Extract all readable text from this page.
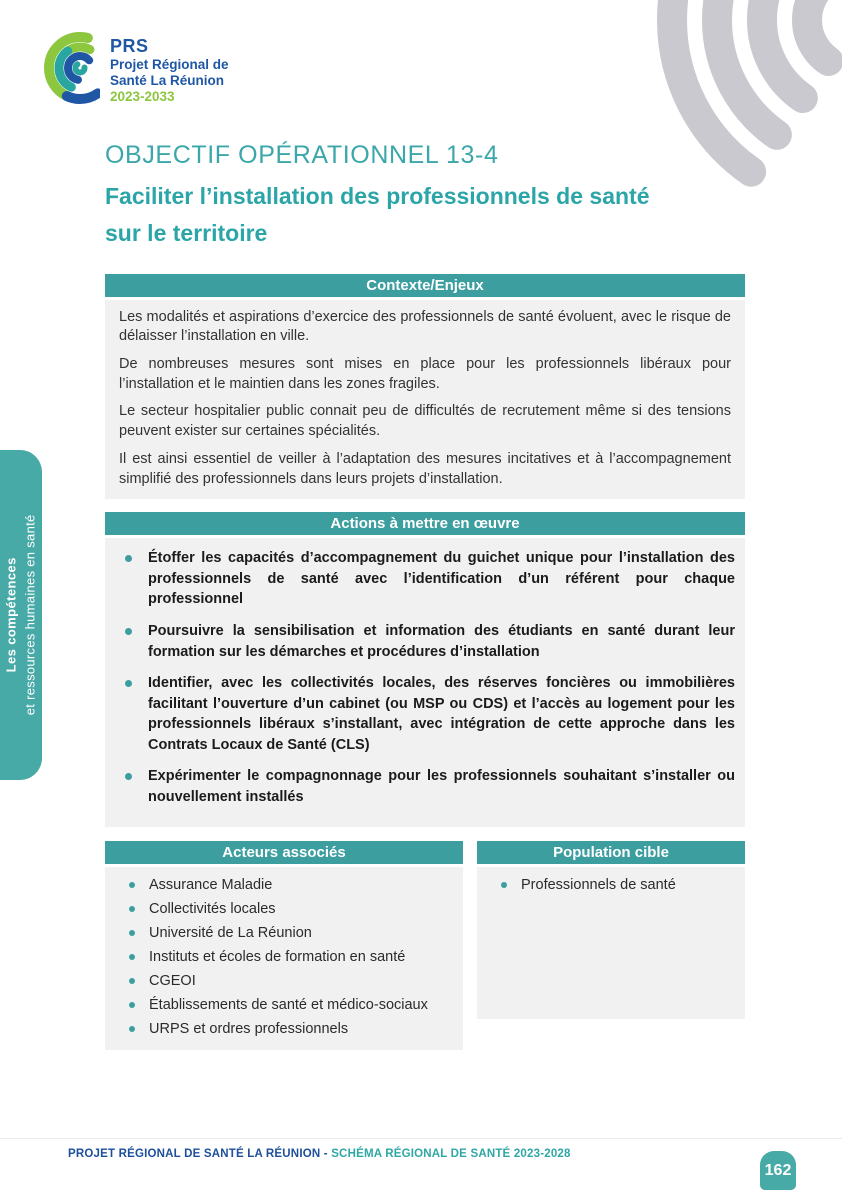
PRS
Projet Régional de
Santé La Réunion
2023-2033
Les compétences et ressources humaines en santé
OBJECTIF OPÉRATIONNEL 13-4
Faciliter l’installation des professionnels de santé
sur le territoire
Contexte/Enjeux

Les modalités et aspirations d’exercice des professionnels de santé évoluent, avec le risque de délaisser l’installation en ville.

De nombreuses mesures sont mises en place pour les professionnels libéraux pour l’installation et le maintien dans les zones fragiles.

Le secteur hospitalier public connait peu de difficultés de recrutement même si des tensions peuvent exister sur certaines spécialités.

Il est ainsi essentiel de veiller à l’adaptation des mesures incitatives et à l’accompagnement simplifié des professionnels dans leurs projets d’installation.

Actions à mettre en œuvre
Étoffer les capacités d’accompagnement du guichet unique pour l’installation des professionnels de santé avec l’identification d’un référent pour chaque professionnel
Poursuivre la sensibilisation et information des étudiants en santé durant leur formation sur les démarches et procédures d’installation
Identifier, avec les collectivités locales, des réserves foncières ou immobilières facilitant l’ouverture d’un cabinet (ou MSP ou CDS) et l’accès au logement pour les professionnels libéraux s’installant, avec intégration de cette approche dans les Contrats Locaux de Santé (CLS)
Expérimenter le compagnonnage pour les professionnels souhaitant s’installer ou nouvellement installés
Acteurs associés
Assurance Maladie
Collectivités locales
Université de La Réunion
Instituts et écoles de formation en santé
CGEOI
Établissements de santé et médico-sociaux
URPS et ordres professionnels
Population cible
Professionnels de santé
PROJET RÉGIONAL DE SANTÉ LA RÉUNION - SCHÉMA RÉGIONAL DE SANTÉ 2023-2028
162
